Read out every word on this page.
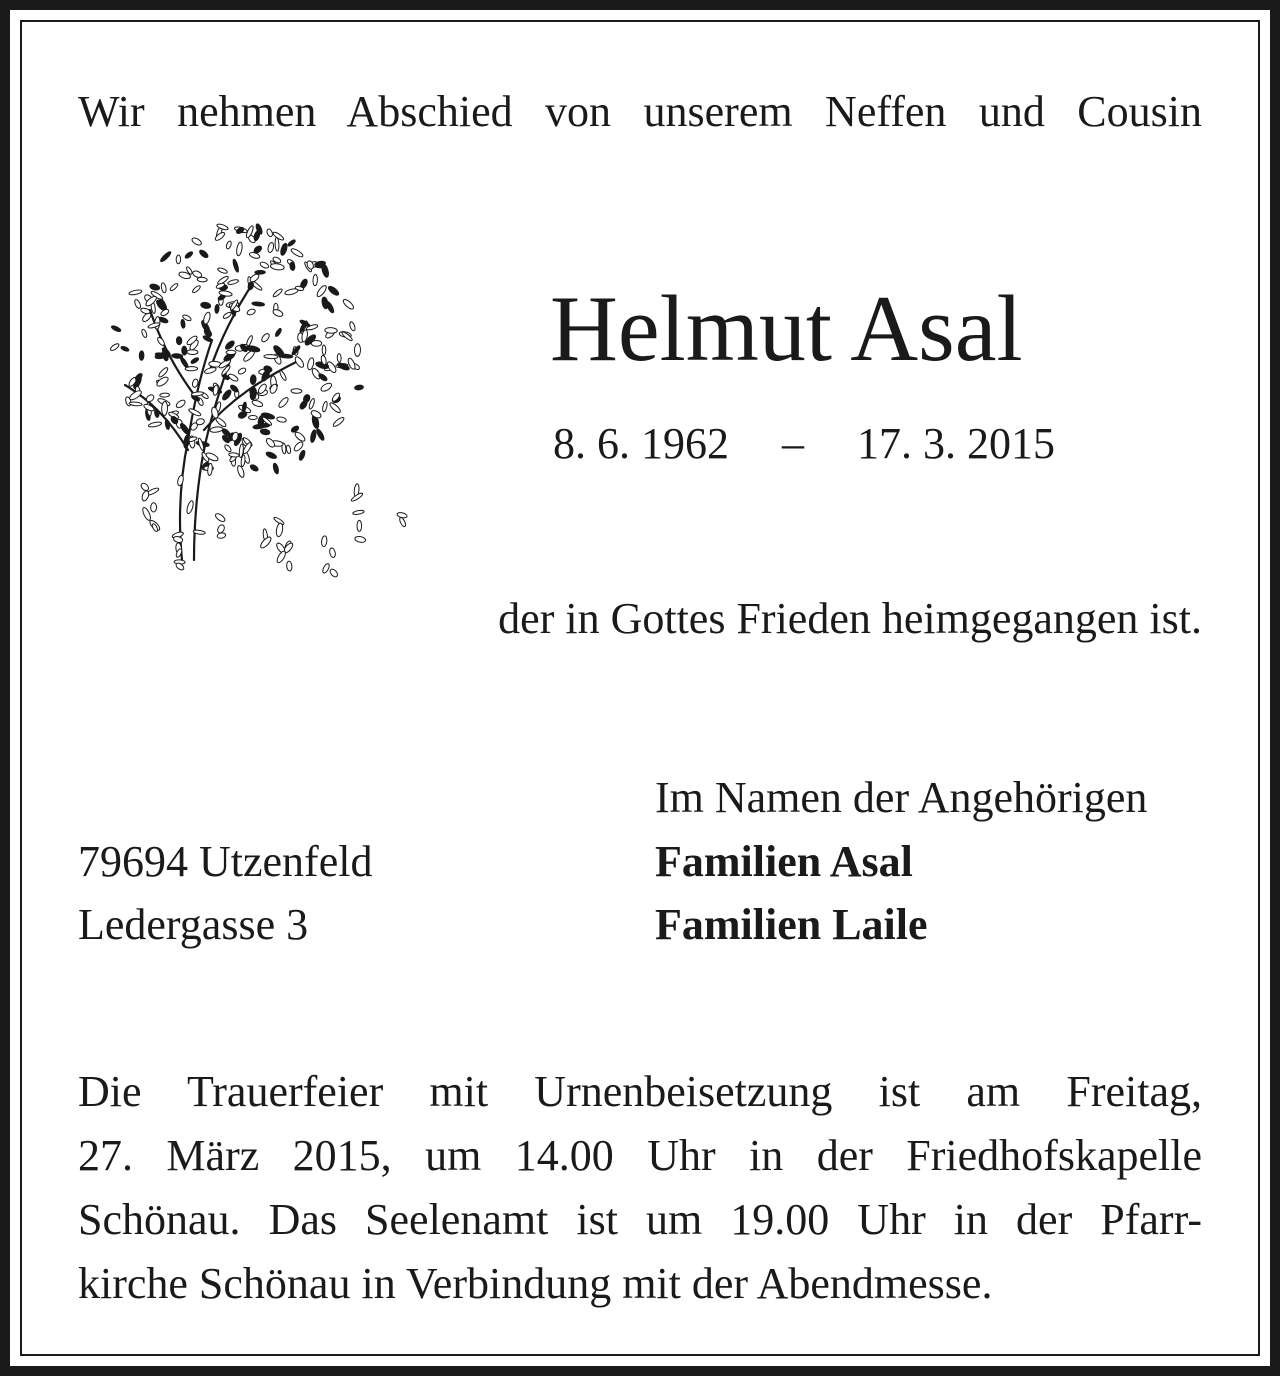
Wir nehmen Abschied von unserem Neffen und Cousin
Helmut Asal
8. 6. 1962 – 17. 3. 2015
der in Gottes Frieden heimgegangen ist.
Im Namen der Angehörigen
Familien Asal
Familien Laile
79694 Utzenfeld
Ledergasse 3
Die Trauerfeier mit Urnenbeisetzung ist am Freitag,
27. März 2015, um 14.00 Uhr in der Friedhofskapelle
Schönau. Das Seelenamt ist um 19.00 Uhr in der Pfarr-
kirche Schönau in Verbindung mit der Abendmesse.
